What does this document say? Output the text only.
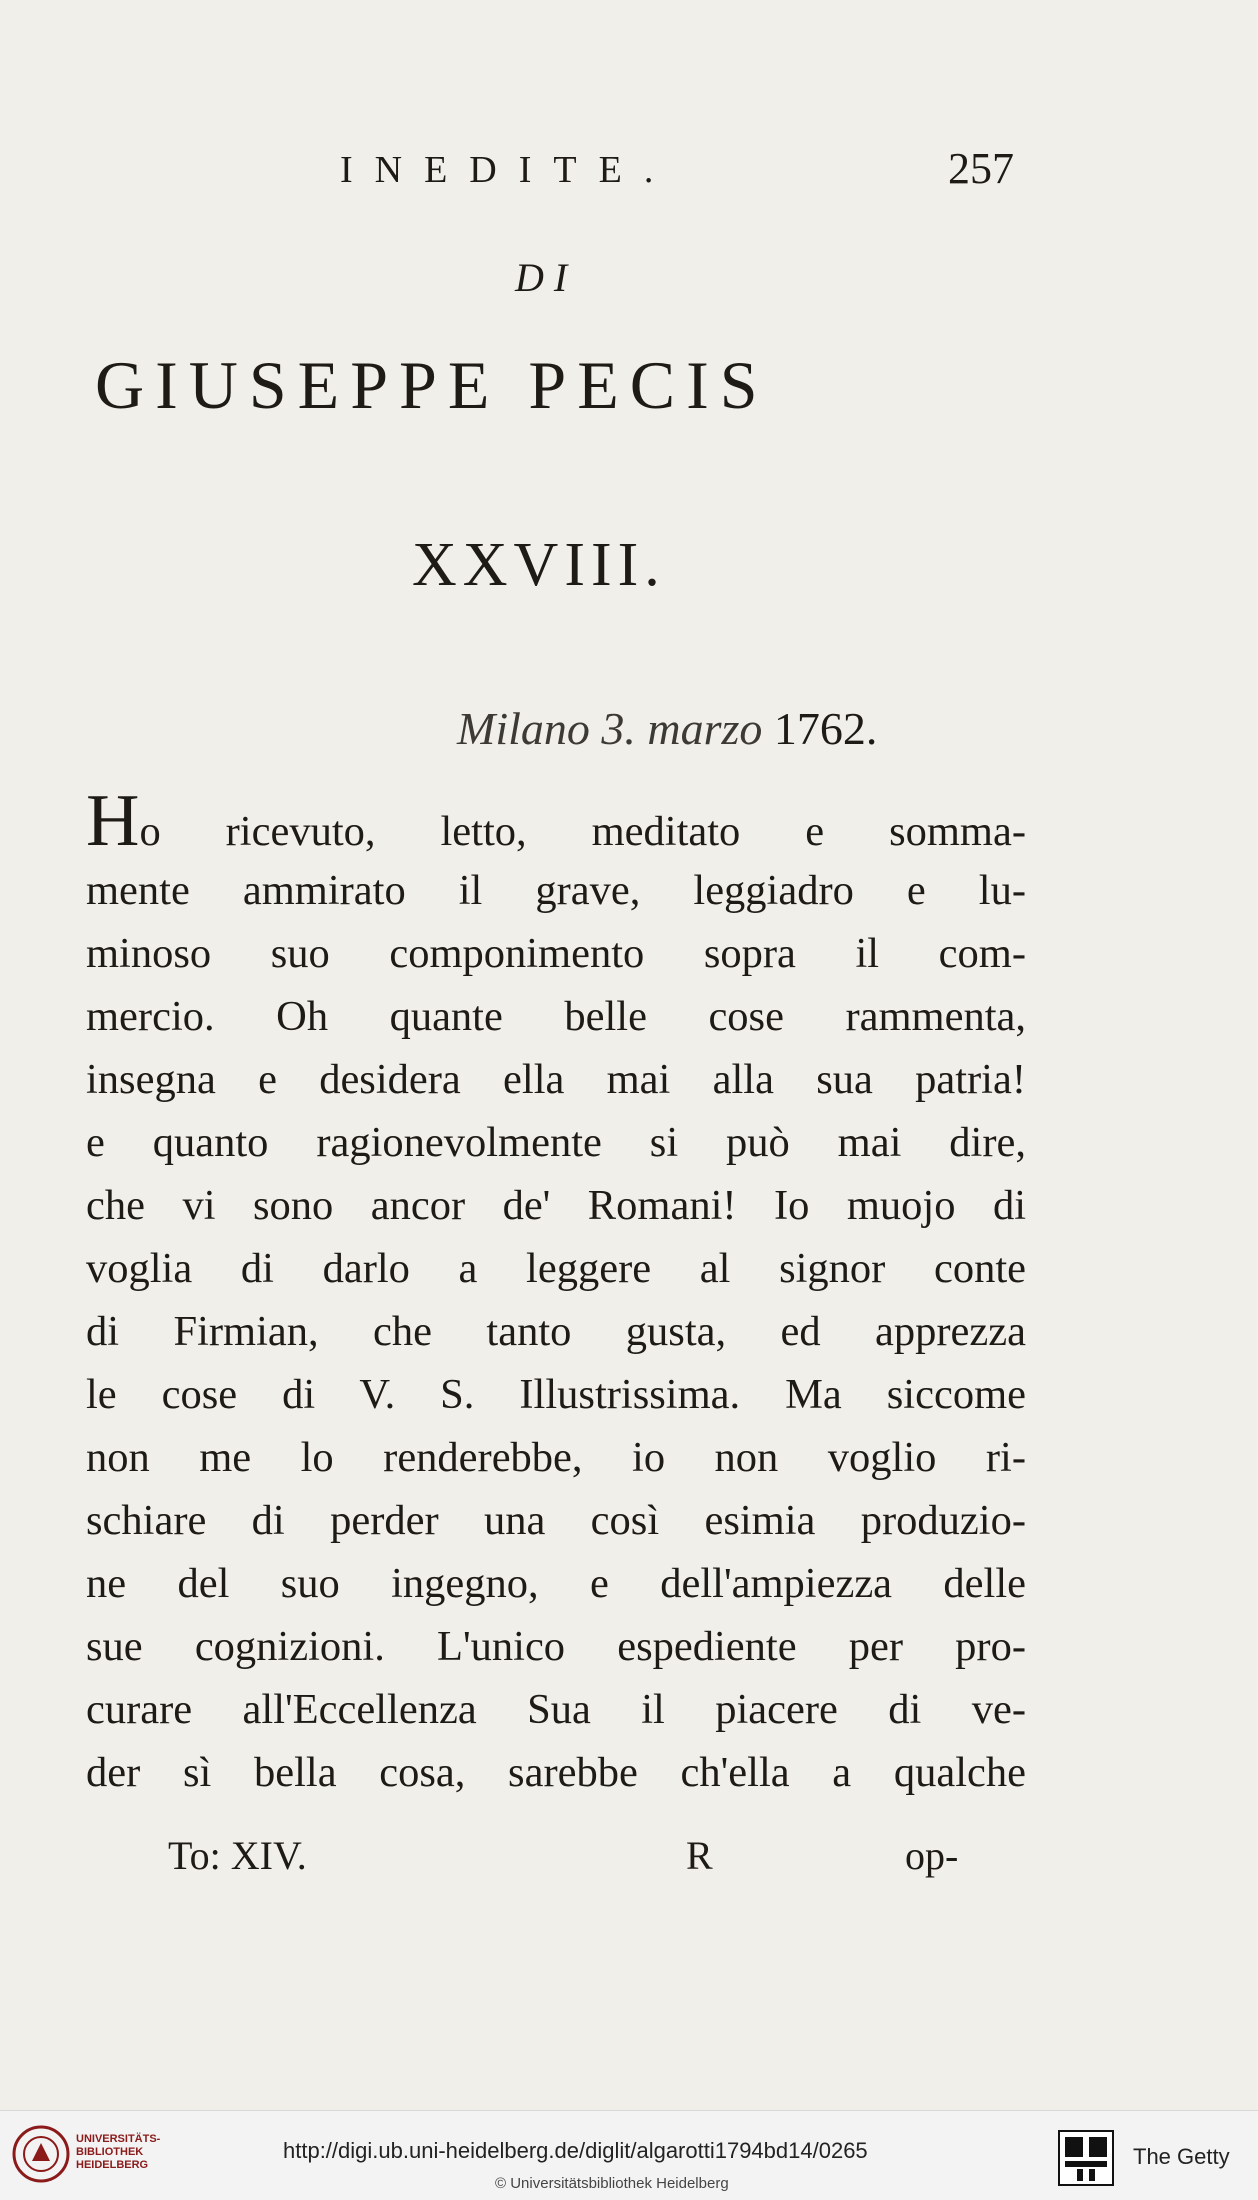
INEDITE.	257
DI
GIUSEPPE PECIS
XXVIII.
Milano 3. marzo 1762.
Ho ricevuto, letto, meditato e somma-
mente ammirato il grave, leggiadro e lu-
minoso suo componimento sopra il com-
mercio. Oh quante belle cose rammenta,
insegna e desidera ella mai alla sua patria!
e quanto ragionevolmente si può mai dire,
che vi sono ancor de' Romani! Io muojo di
voglia di darlo a leggere al signor conte
di Firmian, che tanto gusta, ed apprezza
le cose di V. S. Illustrissima. Ma siccome
non me lo renderebbe, io non voglio ri-
schiare di perder una così esimia produzio-
ne del suo ingegno, e dell'ampiezza delle
sue cognizioni. L'unico espediente per pro-
curare all'Eccellenza Sua il piacere di ve-
der sì bella cosa, sarebbe ch'ella a qualche
To: XIV.	R	op-
UNIVERSITÄTS-
BIBLIOTHEK
HEIDELBERG
http://digi.ub.uni-heidelberg.de/diglit/algarotti1794bd14/0265
© Universitätsbibliothek Heidelberg
The Getty
